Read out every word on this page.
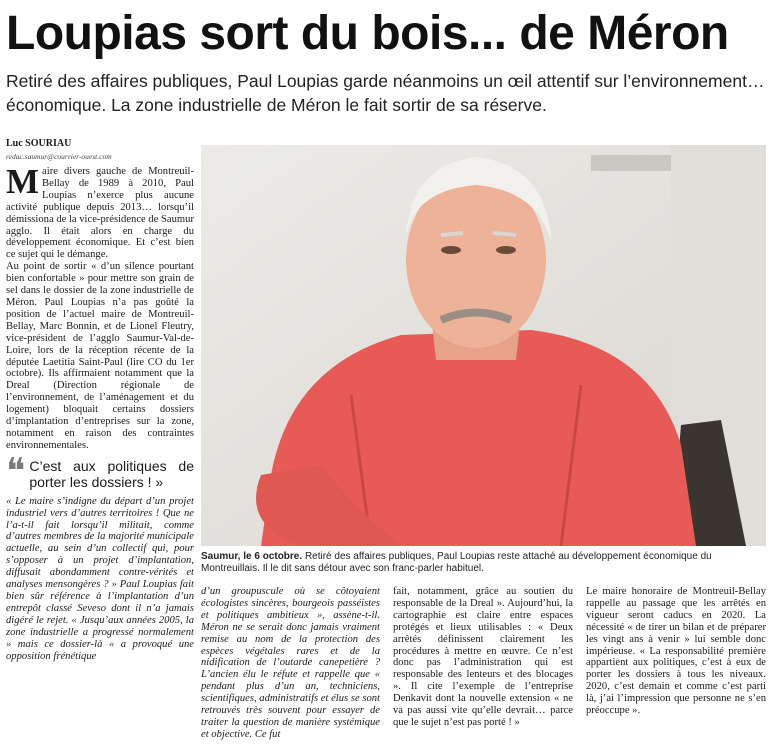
Loupias sort du bois... de Méron
Retiré des affaires publiques, Paul Loupias garde néanmoins un œil attentif sur l’environnement… économique. La zone industrielle de Méron le fait sortir de sa réserve.
Luc SOURIAU
redac.saumur@courrier-ouest.com

Maire divers gauche de Montreuil-Bellay de 1989 à 2010, Paul Loupias n’exerce plus aucune activité publique depuis 2013… lorsqu’il démissiona de la vice-présidence de Saumur agglo. Il était alors en charge du développement économique. Et c’est bien ce sujet qui le démange.

Au point de sortir « d’un silence pourtant bien confortable » pour mettre son grain de sel dans le dossier de la zone industrielle de Méron. Paul Loupias n’a pas goûté la position de l’actuel maire de Montreuil-Bellay, Marc Bonnin, et de Lionel Fleutry, vice-président de l’agglo Saumur-Val-de-Loire, lors de la réception récente de la députée Laetitia Saint-Paul (lire CO du 1er octobre). Ils affirmaient notamment que la Dreal (Direction régionale de l’environnement, de l’aménagement et du logement) bloquait certains dossiers d’implantation d’entreprises sur la zone, notamment en raison des contraintes environnementales.

❝ C’est aux politiques de porter les dossiers ! »

« Le maire s’indigne du départ d’un projet industriel vers d’autres territoires ! Que ne l’a-t-il fait lorsqu’il militait, comme d’autres membres de la majorité municipale actuelle, au sein d’un collectif qui, pour s’opposer à un projet d’implantation, diffusait abondamment contre-vérités et analyses mensongères ? » Paul Loupias fait bien sûr référence à l’implantation d’un entrepôt classé Seveso dont il n’a jamais digéré le rejet. « Jusqu’aux années 2005, la zone industrielle a progressé normalement » mais ce dossier-là « a provoqué une opposition frénétique

Saumur, le 6 octobre. Retiré des affaires publiques, Paul Loupias reste attaché au développement économique du Montreuillais. Il le dit sans détour avec son franc-parler habituel.
d’un groupuscule où se côtoyaient écologistes sincères, bourgeois passéistes et politiques ambitieux », assène-t-il. Méron ne se serait donc jamais vraiment remise au nom de la protection des espèces végétales rares et de la nidification de l’outarde canepetière ? L’ancien élu le réfute et rappelle que « pendant plus d’un an, techniciens, scientifiques, administratifs et élus se sont retrouvés très souvent pour essayer de traiter la question de manière systémique et objective. Ce fut
fait, notamment, grâce au soutien du responsable de la Dreal ». Aujourd’hui, la cartographie est claire entre espaces protégés et lieux utilisables : « Deux arrêtés définissent clairement les procédures à mettre en œuvre. Ce n’est donc pas l’administration qui est responsable des lenteurs et des blocages ». Il cite l’exemple de l’entreprise Denkavit dont la nouvelle extension « ne va pas aussi vite qu’elle devrait… parce que le sujet n’est pas porté ! »
Le maire honoraire de Montreuil-Bellay rappelle au passage que les arrêtés en vigueur seront caducs en 2020. La nécessité « de tirer un bilan et de préparer les vingt ans à venir » lui semble donc impérieuse. « La responsabilité première appartient aux politiques, c’est à eux de porter les dossiers à tous les niveaux. 2020, c’est demain et comme c’est parti là, j’ai l’impression que personne ne s’en préoccupe ».
